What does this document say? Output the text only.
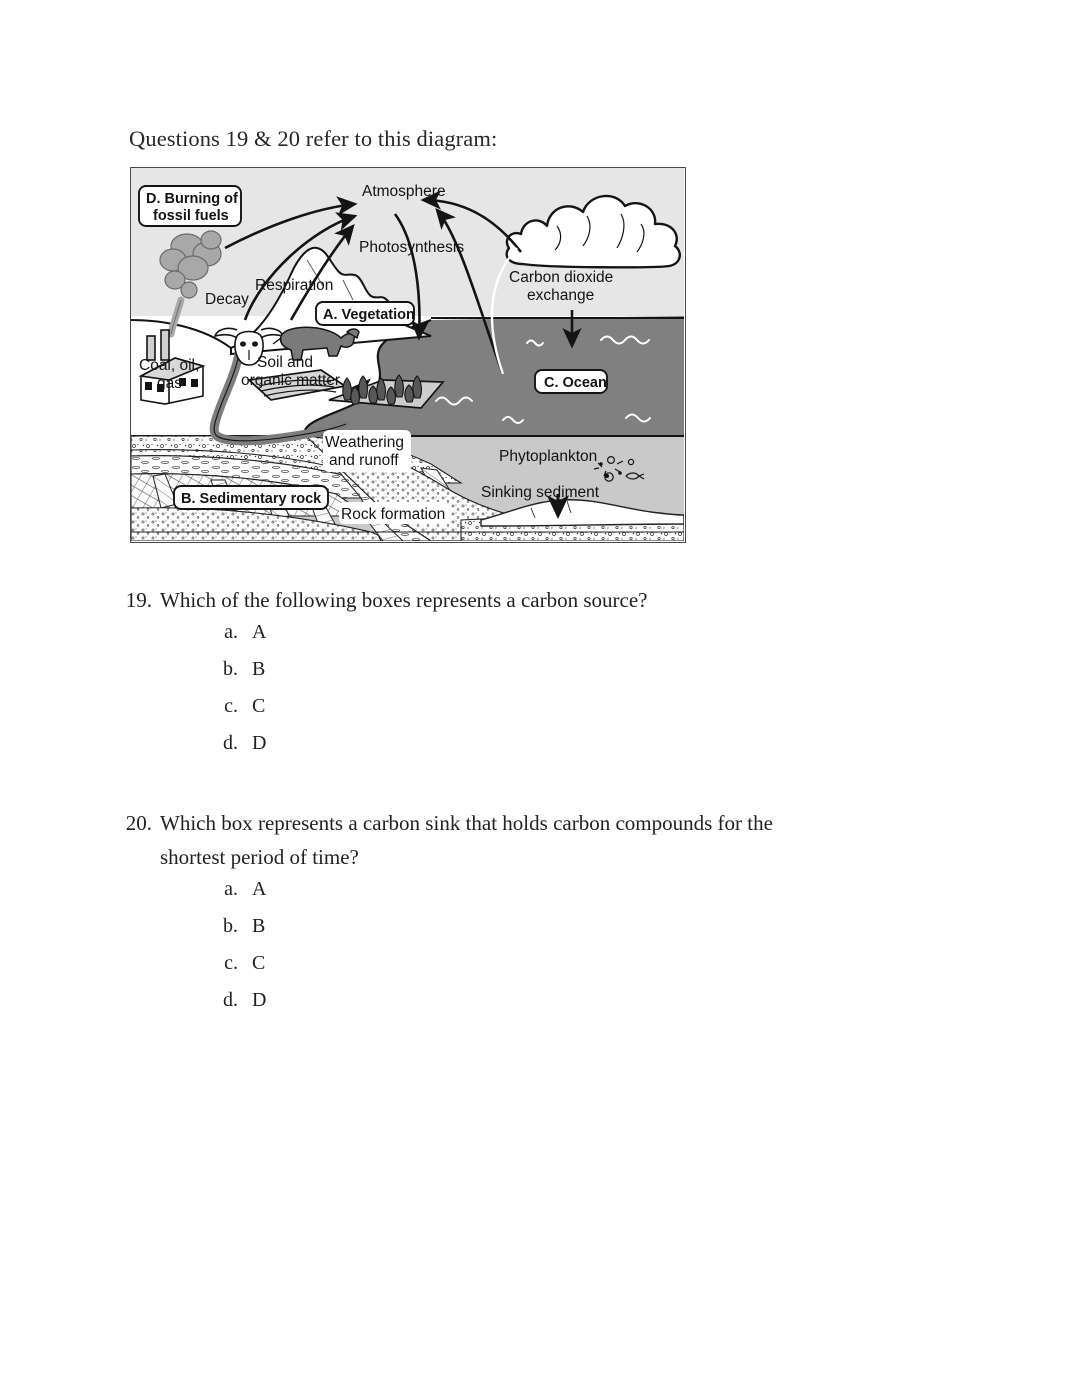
Questions 19 & 20 refer to this diagram:
Atmosphere
Photosynthesis
Respiration
Decay
Coal, oil,
gas
Soil and
organic matter
Carbon dioxide
exchange
Weathering
and runoff
Rock formation
Phytoplankton
Sinking sediment
D. Burning of
fossil fuels
A. Vegetation
B. Sedimentary rock
C. Ocean
19. Which of the following boxes represents a carbon source?
a. A
b. B
c. C
d. D
20. Which box represents a carbon sink that holds carbon compounds for the
shortest period of time?
a. A
b. B
c. C
d. D
